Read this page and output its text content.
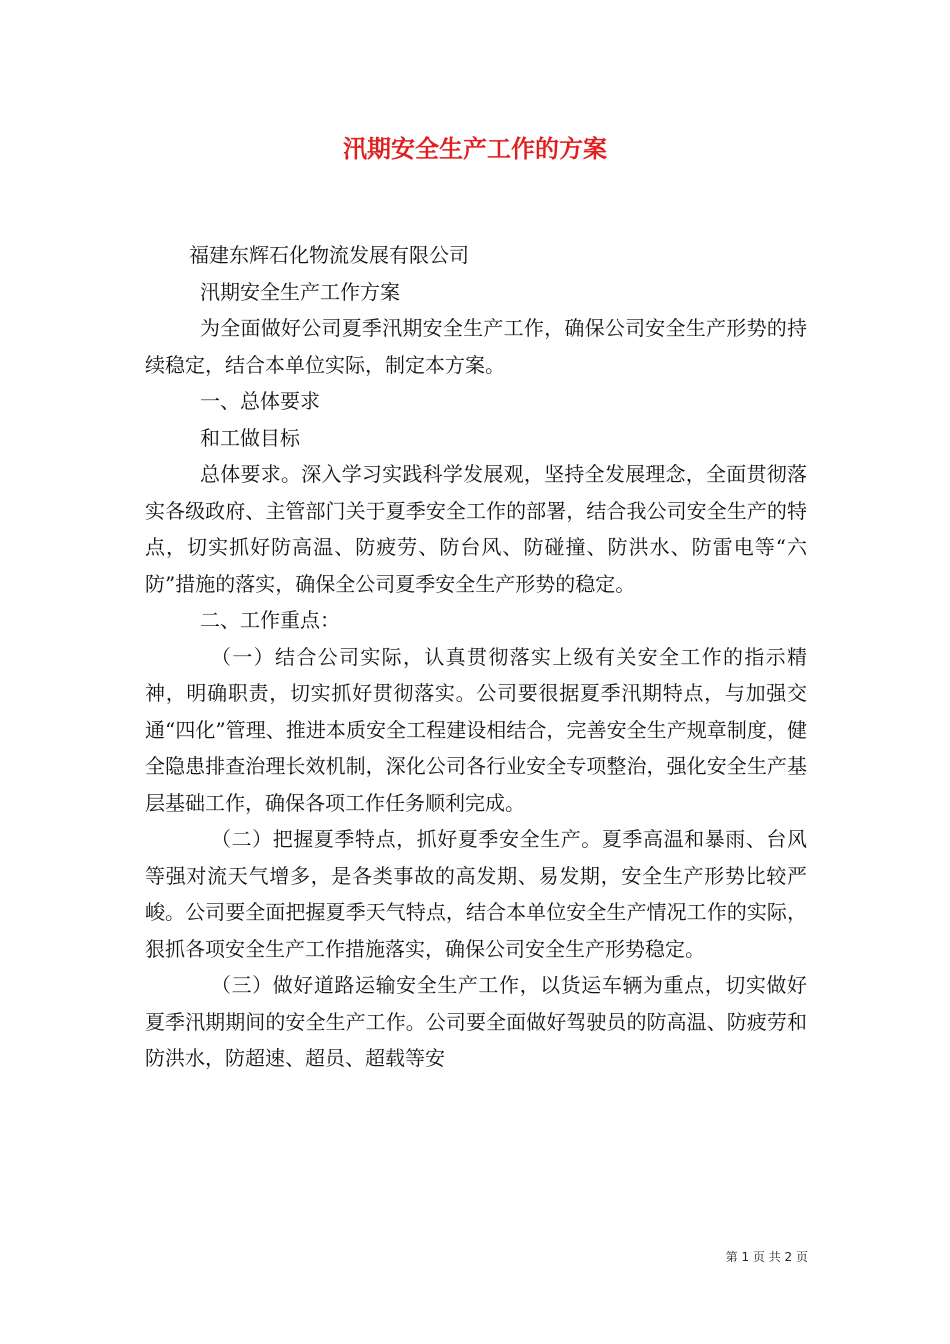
汛期安全生产工作的方案

福建东辉石化物流发展有限公司

汛期安全生产工作方案

为全面做好公司夏季汛期安全生产工作，确保公司安全生产形势的持续稳定，结合本单位实际，制定本方案。

一、总体要求

和工做目标

总体要求。深入学习实践科学发展观，坚持全发展理念，全面贯彻落实各级政府、主管部门关于夏季安全工作的部署，结合我公司安全生产的特点，切实抓好防高温、防疲劳、防台风、防碰撞、防洪水、防雷电等“六防”措施的落实，确保全公司夏季安全生产形势的稳定。

二、工作重点：

（一）结合公司实际，认真贯彻落实上级有关安全工作的指示精神，明确职责，切实抓好贯彻落实。公司要很据夏季汛期特点，与加强交通“四化”管理、推进本质安全工程建设相结合，完善安全生产规章制度，健全隐患排查治理长效机制，深化公司各行业安全专项整治，强化安全生产基层基础工作，确保各项工作任务顺利完成。

（二）把握夏季特点，抓好夏季安全生产。夏季高温和暴雨、台风等强对流天气增多，是各类事故的高发期、易发期，安全生产形势比较严峻。公司要全面把握夏季天气特点，结合本单位安全生产情况工作的实际，狠抓各项安全生产工作措施落实，确保公司安全生产形势稳定。

（三）做好道路运输安全生产工作，以货运车辆为重点，切实做好夏季汛期期间的安全生产工作。公司要全面做好驾驶员的防高温、防疲劳和防洪水，防超速、超员、超载等安

第 1 页 共 2 页
